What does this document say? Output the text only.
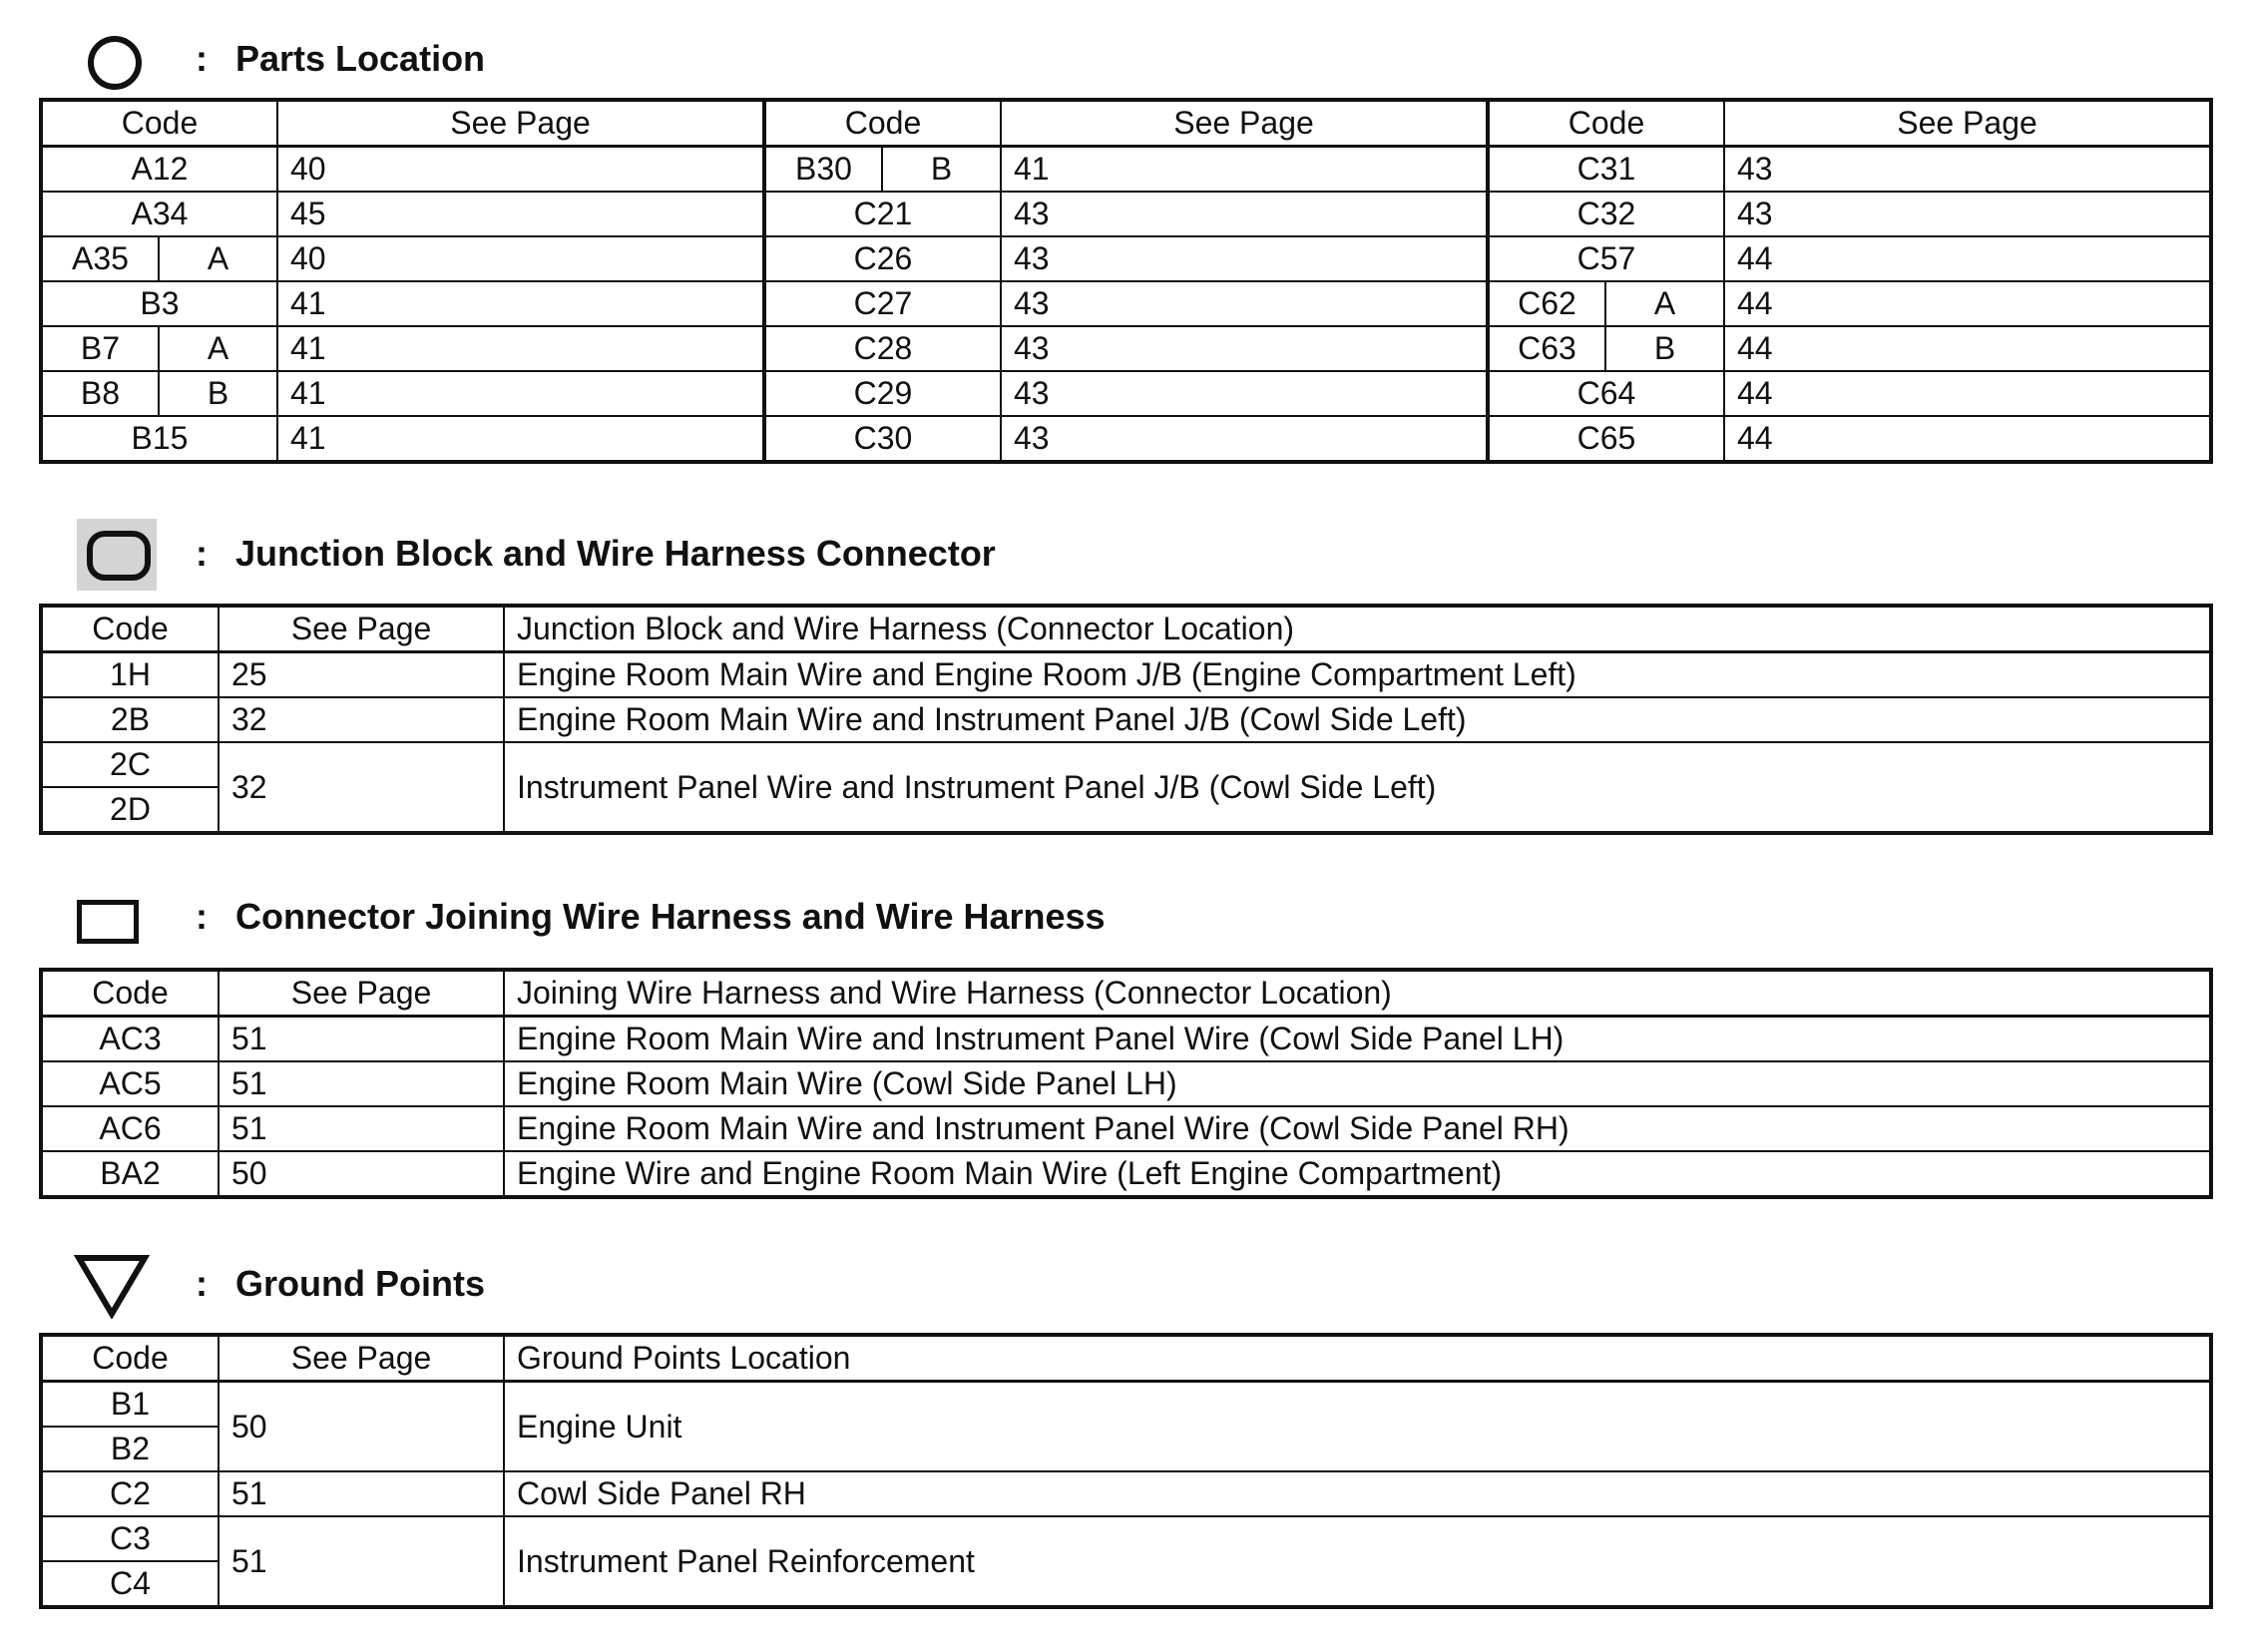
: Parts Location
Code		See Page	Code		See Page	Code		See Page
A12		40	B30	B	41	C31		43
A34		45	C21		43	C32		43
A35	A	40	C26		43	C57		44
B3		41	C27		43	C62	A	44
B7	A	41	C28		43	C63	B	44
B8	B	41	C29		43	C64		44
B15		41	C30		43	C65		44
: Junction Block and Wire Harness Connector
Code	See Page	Junction Block and Wire Harness (Connector Location)
1H	25	Engine Room Main Wire and Engine Room J/B (Engine Compartment Left)
2B	32	Engine Room Main Wire and Instrument Panel J/B (Cowl Side Left)
2C	32	Instrument Panel Wire and Instrument Panel J/B (Cowl Side Left)
2D		
: Connector Joining Wire Harness and Wire Harness
Code	See Page	Joining Wire Harness and Wire Harness (Connector Location)
AC3	51	Engine Room Main Wire and Instrument Panel Wire (Cowl Side Panel LH)
AC5	51	Engine Room Main Wire (Cowl Side Panel LH)
AC6	51	Engine Room Main Wire and Instrument Panel Wire (Cowl Side Panel RH)
BA2	50	Engine Wire and Engine Room Main Wire (Left Engine Compartment)
: Ground Points
Code	See Page	Ground Points Location
B1	50	Engine Unit
B2		
C2	51	Cowl Side Panel RH
C3	51	Instrument Panel Reinforcement
C4		
